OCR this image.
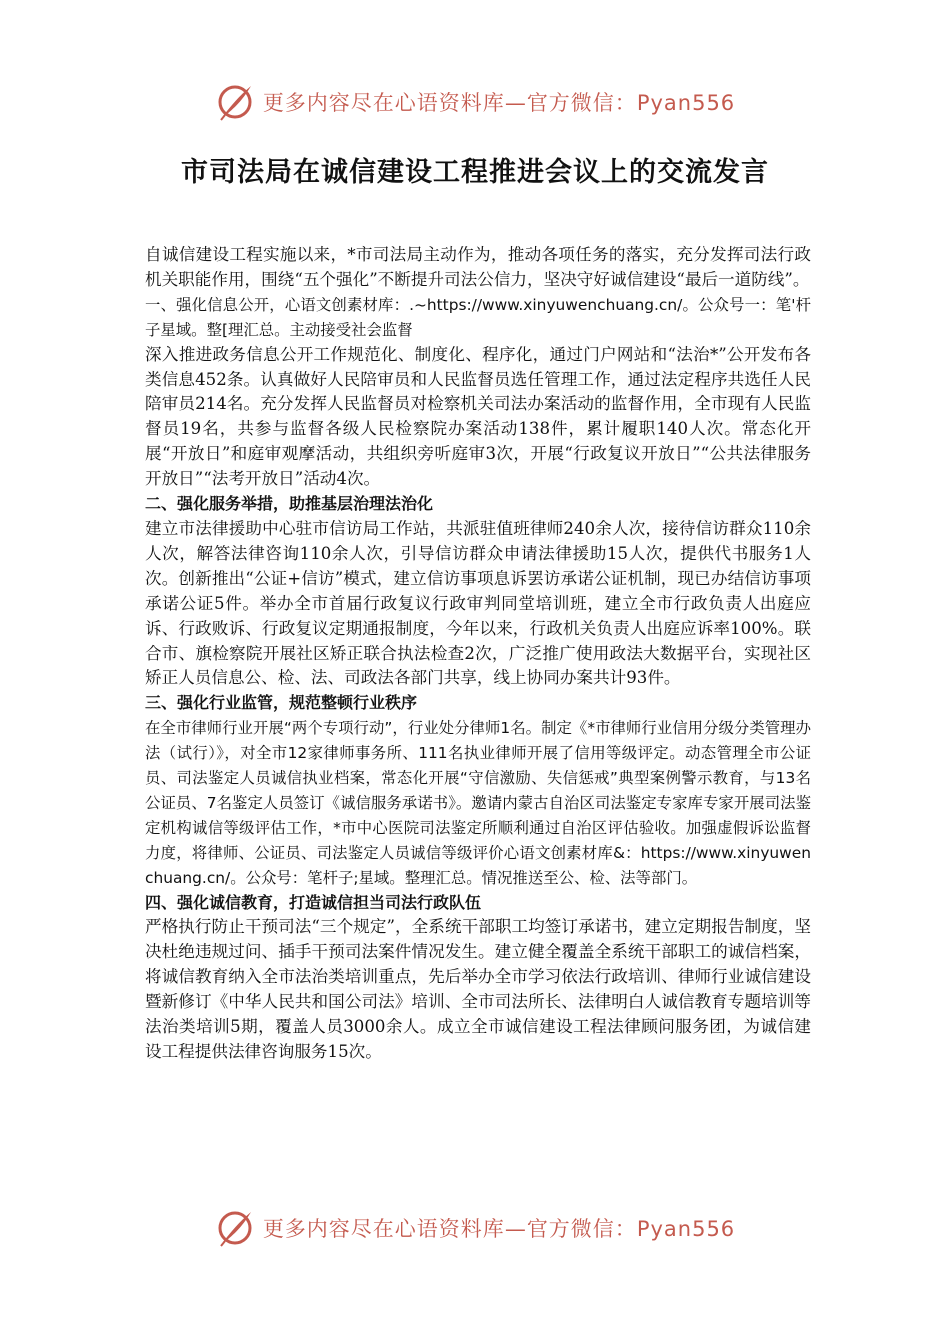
更多内容尽在心语资料库—官方微信：Pyan556
市司法局在诚信建设工程推进会议上的交流发言

自诚信建设工程实施以来，*市司法局主动作为，推动各项任务的落实，充分发挥司法行政机关职能作用，围绕“五个强化”不断提升司法公信力，坚决守好诚信建设“最后一道防线”。

一、强化信息公开，心语文创素材库：.~https://www.xinyuwenchuang.cn/。公众号一：笔'杆子星域。整[理汇总。主动接受社会监督

深入推进政务信息公开工作规范化、制度化、程序化，通过门户网站和“法治*”公开发布各类信息452条。认真做好人民陪审员和人民监督员选任管理工作，通过法定程序共选任人民陪审员214名。充分发挥人民监督员对检察机关司法办案活动的监督作用，全市现有人民监督员19名，共参与监督各级人民检察院办案活动138件，累计履职140人次。常态化开展“开放日”和庭审观摩活动，共组织旁听庭审3次，开展“行政复议开放日”“公共法律服务开放日”“法考开放日”活动4次。

二、强化服务举措，助推基层治理法治化

建立市法律援助中心驻市信访局工作站，共派驻值班律师240余人次，接待信访群众110余人次，解答法律咨询110余人次，引导信访群众申请法律援助15人次，提供代书服务1人次。创新推出“公证+信访”模式，建立信访事项息诉罢访承诺公证机制，现已办结信访事项承诺公证5件。举办全市首届行政复议行政审判同堂培训班，建立全市行政负责人出庭应诉、行政败诉、行政复议定期通报制度，今年以来，行政机关负责人出庭应诉率100%。联合市、旗检察院开展社区矫正联合执法检查2次，广泛推广使用政法大数据平台，实现社区矫正人员信息公、检、法、司政法各部门共享，线上协同办案共计93件。

三、强化行业监管，规范整顿行业秩序

在全市律师行业开展“两个专项行动”，行业处分律师1名。制定《*市律师行业信用分级分类管理办法（试行）》，对全市12家律师事务所、111名执业律师开展了信用等级评定。动态管理全市公证员、司法鉴定人员诚信执业档案，常态化开展“守信激励、失信惩戒”典型案例警示教育，与13名公证员、7名鉴定人员签订《诚信服务承诺书》。邀请内蒙古自治区司法鉴定专家库专家开展司法鉴定机构诚信等级评估工作，*市中心医院司法鉴定所顺利通过自治区评估验收。加强虚假诉讼监督力度，将律师、公证员、司法鉴定人员诚信等级评价心语文创素材库&：https://www.xinyuwenchuang.cn/。公众号：笔杆子;星域。整理汇总。情况推送至公、检、法等部门。

四、强化诚信教育，打造诚信担当司法行政队伍

严格执行防止干预司法“三个规定”，全系统干部职工均签订承诺书，建立定期报告制度，坚决杜绝违规过问、插手干预司法案件情况发生。建立健全覆盖全系统干部职工的诚信档案，将诚信教育纳入全市法治类培训重点，先后举办全市学习依法行政培训、律师行业诚信建设暨新修订《中华人民共和国公司法》培训、全市司法所长、法律明白人诚信教育专题培训等法治类培训5期，覆盖人员3000余人。成立全市诚信建设工程法律顾问服务团，为诚信建设工程提供法律咨询服务15次。

更多内容尽在心语资料库—官方微信：Pyan556
